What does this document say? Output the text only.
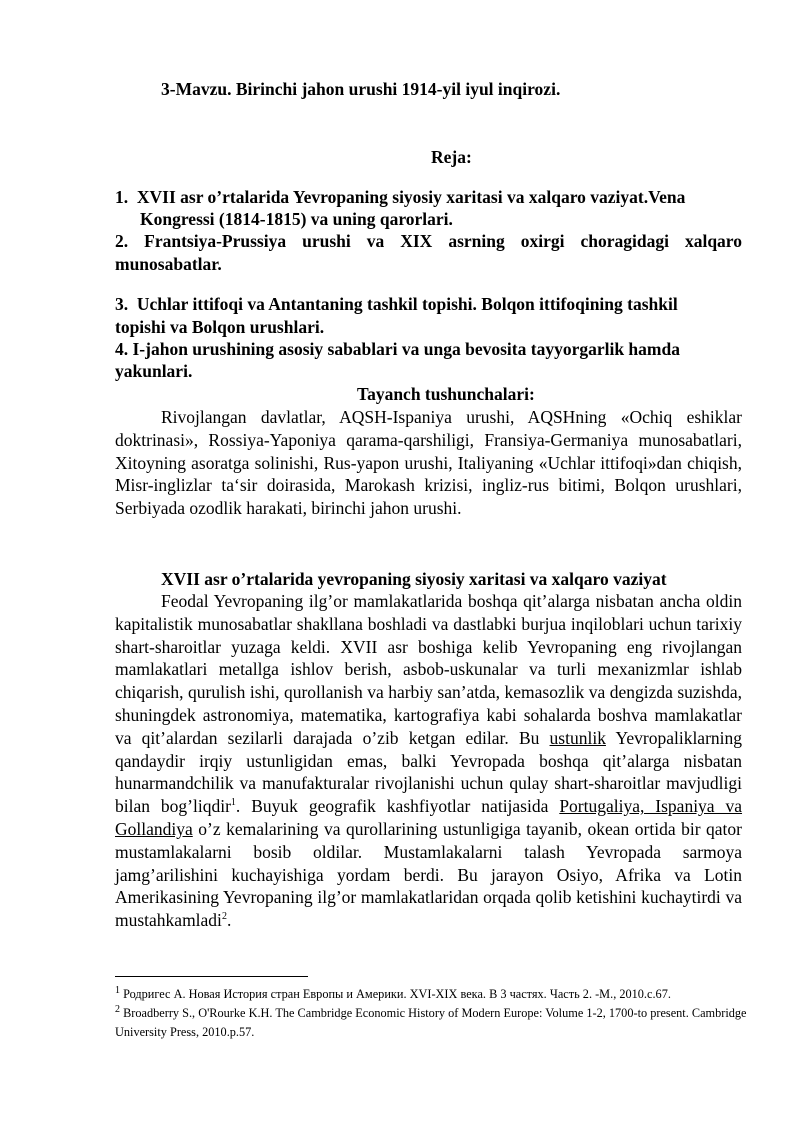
3-Mavzu. Birinchi jahon urushi 1914-yil iyul inqirozi.
Reja:
1. XVII asr o’rtalarida Yevropaning siyosiy xaritasi va xalqaro vaziyat.Vena
Kongressi (1814-1815) va uning qarorlari.
2. Frantsiya-Prussiya urushi va XIX asrning oxirgi choragidagi xalqaro munosabatlar.
3. Uchlar ittifoqi va Antantaning tashkil topishi. Bolqon ittifoqining tashkil
topishi va Bolqon urushlari.
4. I-jahon urushining asosiy sabablari va unga bevosita tayyorgarlik hamda
yakunlari.
Tayanch tushunchalari:
Rivojlangan davlatlar, AQSH-Ispaniya urushi, AQSHning «Ochiq eshiklar doktrinasi», Rossiya-Yaponiya qarama-qarshiligi, Fransiya-Germaniya munosabatlari, Xitoyning asoratga solinishi, Rus-yapon urushi, Italiyaning «Uchlar ittifoqi»dan chiqish, Misr-inglizlar ta‘sir doirasida, Marokash krizisi, ingliz-rus bitimi, Bolqon urushlari, Serbiyada ozodlik harakati, birinchi jahon urushi.
XVII asr o’rtalarida yevropaning siyosiy xaritasi va xalqaro vaziyat
Feodal Yevropaning ilg’or mamlakatlarida boshqa qit’alarga nisbatan ancha oldin kapitalistik munosabatlar shakllana boshladi va dastlabki burjua inqiloblari uchun tarixiy shart-sharoitlar yuzaga keldi. XVII asr boshiga kelib Yevropaning eng rivojlangan mamlakatlari metallga ishlov berish, asbob-uskunalar va turli mexanizmlar ishlab chiqarish, qurulish ishi, qurollanish va harbiy san’atda, kemasozlik va dengizda suzishda, shuningdek astronomiya, matematika, kartografiya kabi sohalarda boshva mamlakatlar va qit’alardan sezilarli darajada o’zib ketgan edilar. Bu ustunlik Yevropaliklarning qandaydir irqiy ustunligidan emas, balki Yevropada boshqa qit’alarga nisbatan hunarmandchilik va manufakturalar rivojlanishi uchun qulay shart-sharoitlar mavjudligi bilan bog’liqdir$^1$. Buyuk geografik kashfiyotlar natijasida Portugaliya, Ispaniya va Gollandiya o’z kemalarining va qurollarining ustunligiga tayanib, okean ortida bir qator mustamlakalarni bosib oldilar. Mustamlakalarni talash Yevropada sarmoya jamg’arilishini kuchayishiga yordam berdi. Bu jarayon Osiyo, Afrika va Lotin Amerikasining Yevropaning ilg’or mamlakatlaridan orqada qolib ketishini kuchaytirdi va mustahkamladi$^2$.
$^1$ Родригес А. Новая История стран Европы и Америки. XVI-XIX века. В 3 частях. Часть 2. -М., 2010.с.67.
$^2$ Broadberry S., O'Rourke K.H. The Cambridge Economic History of Modern Europe: Volume 1-2, 1700-to present. Cambridge University Press, 2010.p.57.
